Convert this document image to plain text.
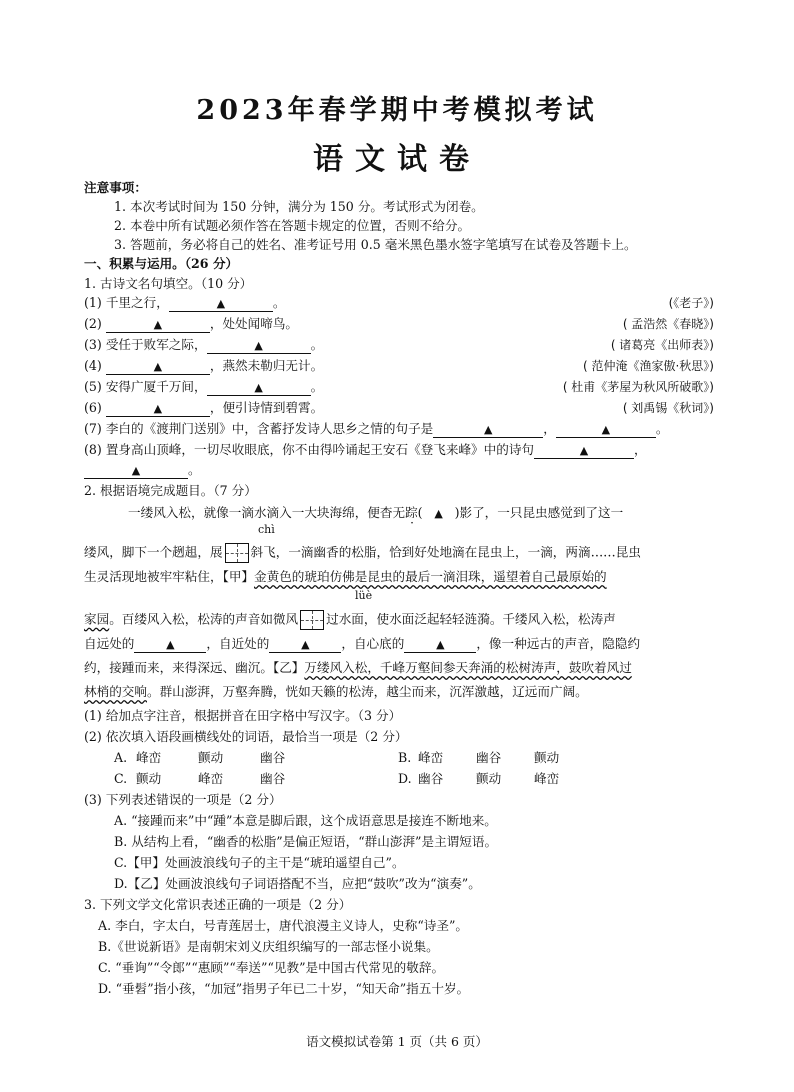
2023年春学期中考模拟考试
语文试卷
注意事项：
1. 本次考试时间为 150 分钟，满分为 150 分。考试形式为闭卷。
2. 本卷中所有试题必须作答在答题卡规定的位置，否则不给分。
3. 答题前，务必将自己的姓名、准考证号用 0.5 毫米黑色墨水签字笔填写在试卷及答题卡上。
一、积累与运用。（26 分）
1. 古诗文名句填空。（10 分）
(1) 千里之行，	▲	。	(《老子》)
(2)	▲	，处处闻啼鸟。	( 孟浩然《春晓》)
(3) 受任于败军之际，	▲	。	( 诸葛亮《出师表》)
(4)	▲	，燕然未勒归无计。	( 范仲淹《渔家傲·秋思》)
(5) 安得广厦千万间，	▲	。	( 杜甫《茅屋为秋风所破歌》)
(6)	▲	，便引诗情到碧霄。	( 刘禹锡《秋词》)
(7) 李白的《渡荆门送别》中，含蓄抒发诗人思乡之情的句子是	▲	，	▲	。
(8) 置身高山顶峰，一切尽收眼底，你不由得吟诵起王安石《登飞来峰》中的诗句	▲	，
▲	。
2. 根据语境完成题目。（7 分）
一缕风入松，就像一滴水滴入一大块海绵，便杳无踪( ▲ )影了，一只昆虫感觉到了这一
chì
缕风，脚下一个趔趄，展 斜飞，一滴幽香的松脂，恰到好处地滴在昆虫上，一滴，两滴……昆虫
生灵活现地被牢牢粘住，【甲】金黄色的琥珀仿佛是昆虫的最后一滴泪珠，遥望着自己最原始的
lüè
家园。百缕风入松，松涛的声音如微风 过水面，使水面泛起轻轻涟漪。千缕风入松，松涛声
自远处的	▲	，自近处的	▲	，自心底的	▲	，像一种远古的声音，隐隐约
约，接踵而来，来得深远、幽沉。【乙】万缕风入松，千峰万壑间参天奔涌的松树涛声，鼓吹着风过
林梢的交响。群山澎湃，万壑奔腾，恍如天籁的松涛，越尘而来，沉浑激越，辽远而广阔。
(1) 给加点字注音，根据拼音在田字格中写汉字。（3 分）
(2) 依次填入语段画横线处的词语，最恰当一项是（2 分）
A. 峰峦	颤动	幽谷	B. 峰峦	幽谷	颤动
C. 颤动	峰峦	幽谷	D. 幽谷	颤动	峰峦
(3) 下列表述错误的一项是（2 分）
A. “接踵而来”中“踵”本意是脚后跟，这个成语意思是接连不断地来。
B. 从结构上看，“幽香的松脂”是偏正短语，“群山澎湃”是主谓短语。
C.【甲】处画波浪线句子的主干是“琥珀遥望自己”。
D.【乙】处画波浪线句子词语搭配不当，应把“鼓吹”改为“演奏”。
3. 下列文学文化常识表述正确的一项是（2 分）
A. 李白，字太白，号青莲居士，唐代浪漫主义诗人，史称“诗圣”。
B.《世说新语》是南朝宋刘义庆组织编写的一部志怪小说集。
C. “垂询”“令郎”“惠顾”“奉送”“见教”是中国古代常见的敬辞。
D. “垂髫”指小孩，“加冠”指男子年已二十岁，“知天命”指五十岁。
语文模拟试卷第 1 页（共 6 页）
